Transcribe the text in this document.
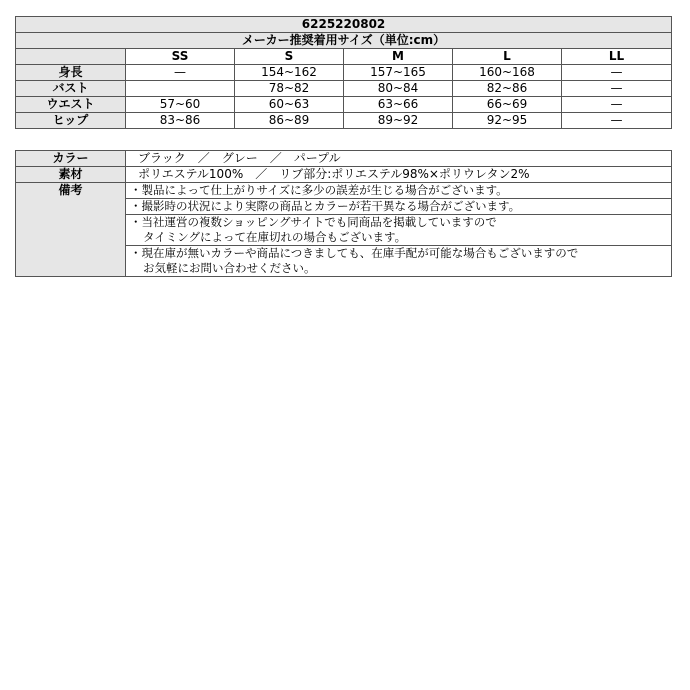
6225220802					
メーカー推奨着用サイズ（単位:cm）					
	SS	S	M	L	LL
身長	—	154~162	157~165	160~168	—
バスト		78~82	80~84	82~86	—
ウエスト	57~60	60~63	63~66	66~69	—
ヒップ	83~86	86~89	89~92	92~95	—
カラー	ブラック　／　グレー　／　パープル
素材	ポリエステル100%　／　リブ部分:ポリエステル98%×ポリウレタン2%
備考	・製品によって仕上がりサイズに多少の誤差が生じる場合がございます。

	・撮影時の状況により実際の商品とカラーが若干異なる場合がございます。

	・当社運営の複数ショッピングサイトでも同商品を掲載していますので
タイミングによって在庫切れの場合もございます。

	・現在庫が無いカラーや商品につきましても、在庫手配が可能な場合もございますので
お気軽にお問い合わせください。
